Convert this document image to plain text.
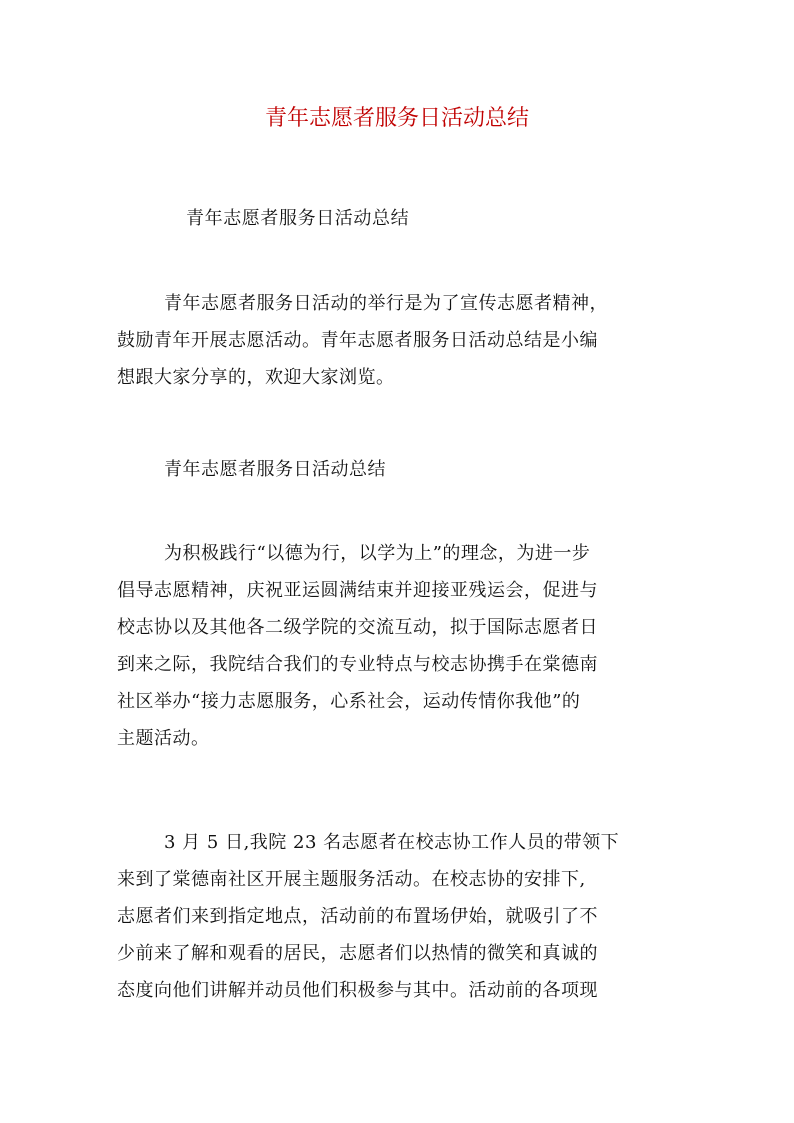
青年志愿者服务日活动总结

青年志愿者服务日活动总结

青年志愿者服务日活动的举行是为了宣传志愿者精神，
鼓励青年开展志愿活动。青年志愿者服务日活动总结是小编
想跟大家分享的，欢迎大家浏览。

青年志愿者服务日活动总结

为积极践行“以德为行，以学为上”的理念，为进一步
倡导志愿精神，庆祝亚运圆满结束并迎接亚残运会，促进与
校志协以及其他各二级学院的交流互动，拟于国际志愿者日
到来之际，我院结合我们的专业特点与校志协携手在棠德南
社区举办“接力志愿服务，心系社会，运动传情你我他”的
主题活动。
3 月 5 日,我院 23 名志愿者在校志协工作人员的带领下
来到了棠德南社区开展主题服务活动。在校志协的安排下,
志愿者们来到指定地点，活动前的布置场伊始，就吸引了不
少前来了解和观看的居民，志愿者们以热情的微笑和真诚的
态度向他们讲解并动员他们积极参与其中。活动前的各项现
